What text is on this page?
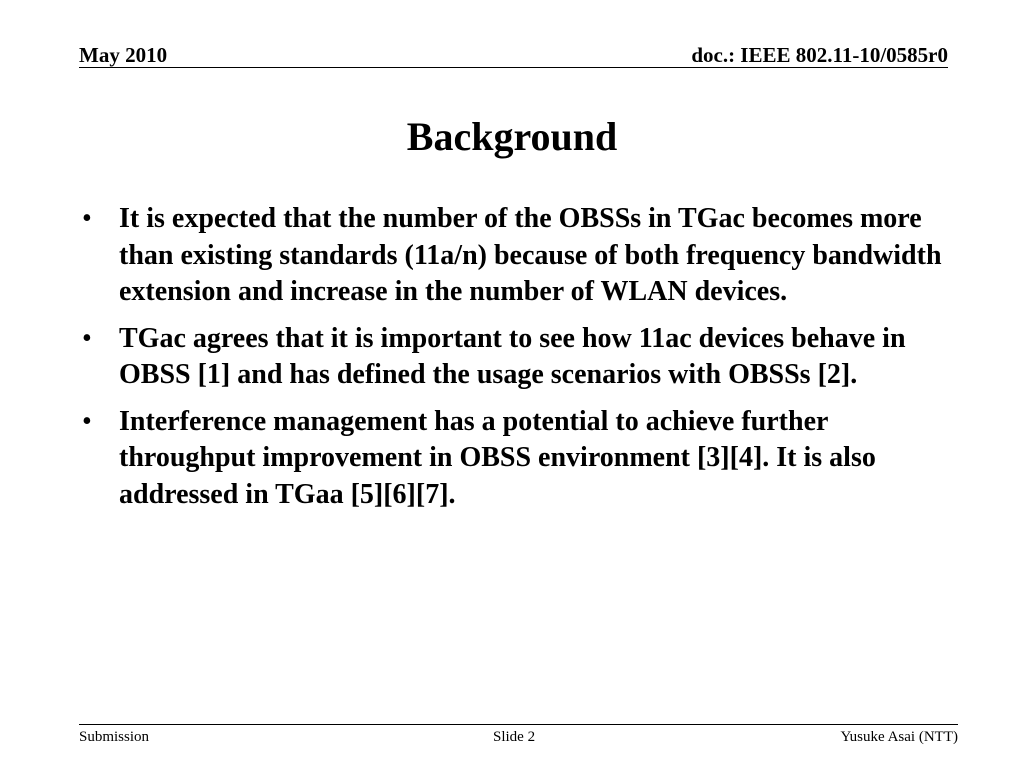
May 2010	doc.: IEEE 802.11-10/0585r0
Background
• It is expected that the number of the OBSSs in TGac becomes more than existing standards (11a/n) because of both frequency bandwidth extension and increase in the number of WLAN devices.
• TGac agrees that it is important to see how 11ac devices behave in OBSS [1] and has defined the usage scenarios with OBSSs [2].
• Interference management has a potential to achieve further throughput improvement in OBSS environment [3][4]. It is also addressed in TGaa [5][6][7].
Submission	Slide 2	Yusuke Asai (NTT)
